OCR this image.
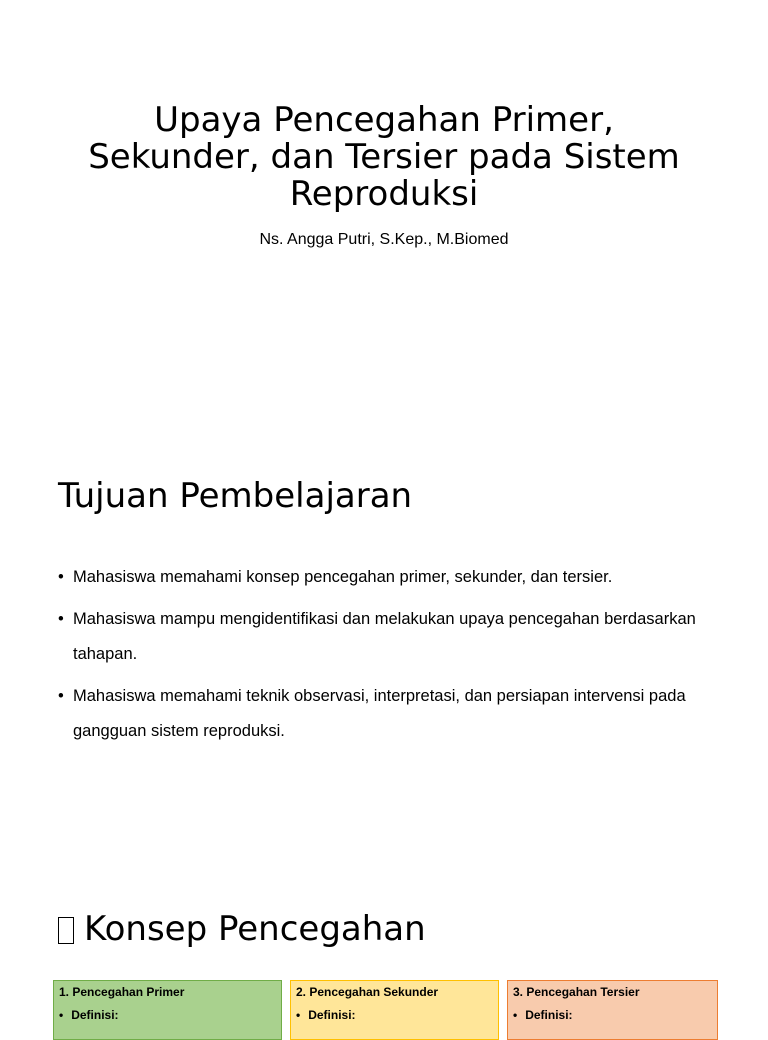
Upaya Pencegahan Primer, Sekunder, dan Tersier pada Sistem Reproduksi
Ns. Angga Putri, S.Kep., M.Biomed
Tujuan Pembelajaran
• Mahasiswa memahami konsep pencegahan primer, sekunder, dan tersier.
• Mahasiswa mampu mengidentifikasi dan melakukan upaya pencegahan berdasarkan tahapan.
• Mahasiswa memahami teknik observasi, interpretasi, dan persiapan intervensi pada gangguan sistem reproduksi.
Konsep Pencegahan
1. Pencegahan Primer
• Definisi:
2. Pencegahan Sekunder
• Definisi:
3. Pencegahan Tersier
• Definisi:
